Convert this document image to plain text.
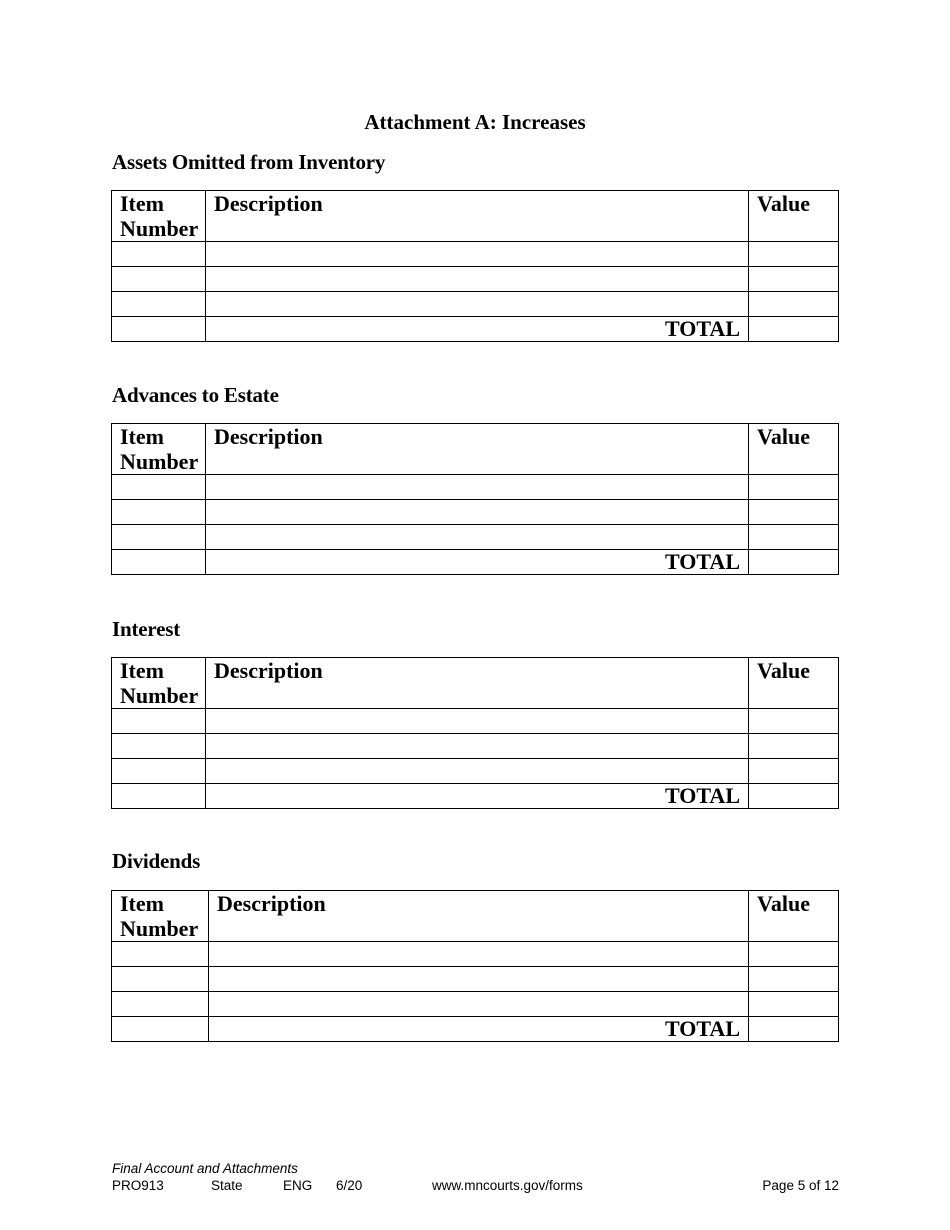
Attachment A: Increases
Assets Omitted from Inventory
Item Number	Description	Value

	TOTAL	
Advances to Estate
Item Number	Description	Value

	TOTAL	
Interest
Item Number	Description	Value

	TOTAL	
Dividends
Item Number	Description	Value

	TOTAL	
Final Account and Attachments
PRO913	State	ENG 6/20	www.mncourts.gov/forms	Page 5 of 12
